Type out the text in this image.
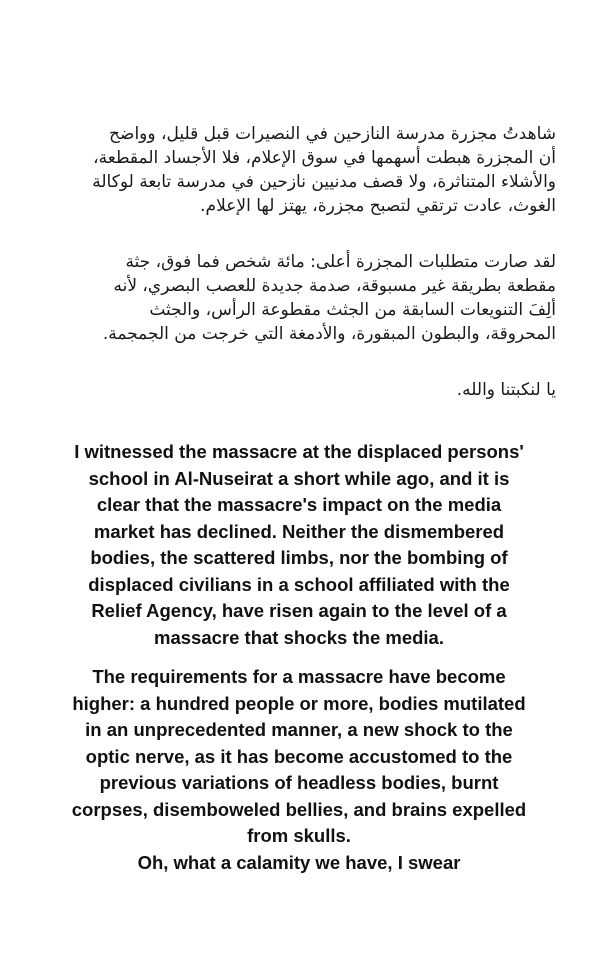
شاهدتُ مجزرة مدرسة النازحين في النصيرات قبل قليل، وواضح
أن المجزرة هبطت أسهمها في سوق الإعلام، فلا الأجساد المقطعة،
والأشلاء المتناثرة، ولا قصف مدنيين نازحين في مدرسة تابعة لوكالة
الغوث، عادت ترتقي لتصبح مجزرة، يهتز لها الإعلام.
لقد صارت متطلبات المجزرة أعلى: مائة شخص فما فوق، جثة
مقطعة بطريقة غير مسبوقة، صدمة جديدة للعصب البصري، لأنه
ألِفَ التنويعات السابقة من الجثث مقطوعة الرأس، والجثث
المحروقة، والبطون المبقورة، والأدمغة التي خرجت من الجمجمة.
يا لنكبتنا والله.
I witnessed the massacre at the displaced persons'
school in Al-Nuseirat a short while ago, and it is
clear that the massacre's impact on the media
market has declined. Neither the dismembered
bodies, the scattered limbs, nor the bombing of
displaced civilians in a school affiliated with the
Relief Agency, have risen again to the level of a
massacre that shocks the media.
The requirements for a massacre have become
higher: a hundred people or more, bodies mutilated
in an unprecedented manner, a new shock to the
optic nerve, as it has become accustomed to the
previous variations of headless bodies, burnt
corpses, disemboweled bellies, and brains expelled
from skulls.
Oh, what a calamity we have, I swear
